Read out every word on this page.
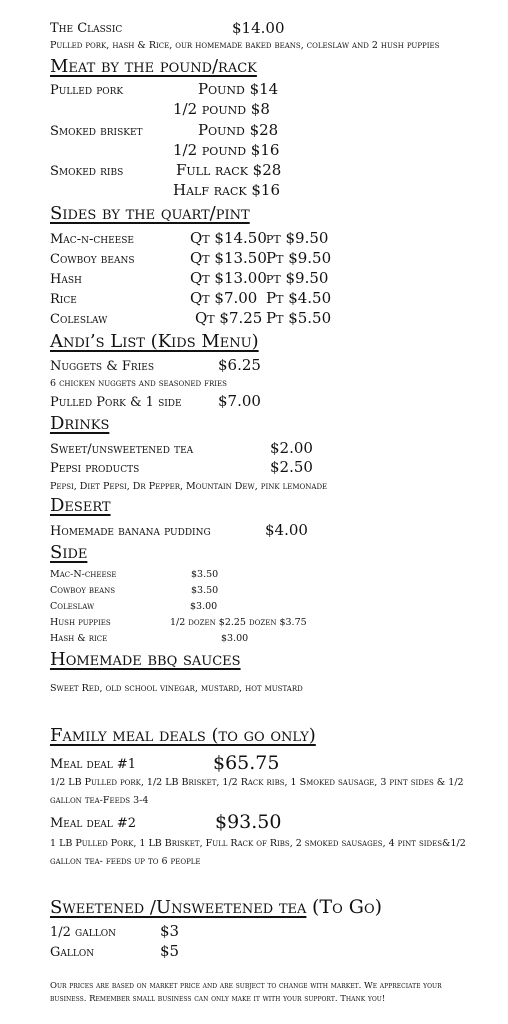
The Classic	$14.00
Pulled pork, hash & Rice, our homemade baked beans, coleslaw and 2 hush puppies
Meat by the pound/rack
Pulled pork	Pound $14
1/2 pound $8
Smoked brisket	Pound $28
1/2 pound $16
Smoked ribs	Full rack $28
Half rack $16
Sides by the quart/pint
Mac-n-cheese	Qt $14.50 pt $9.50
Cowboy beans	Qt $13.50 Pt $9.50
Hash	Qt $13.00 pt $9.50
Rice	Qt $7.00 Pt $4.50
Coleslaw	Qt $7.25 Pt $5.50
Andi’s List (Kids Menu)
Nuggets & Fries	$6.25
6 chicken nuggets and seasoned fries
Pulled Pork & 1 side $7.00
Drinks
Sweet/unsweetened tea	$2.00
Pepsi products	$2.50
Pepsi, Diet Pepsi, Dr Pepper, Mountain Dew, pink lemonade
Desert
Homemade banana pudding	$4.00
Side
Mac-N-cheese	$3.50
Cowboy beans	$3.50
Coleslaw	$3.00
Hush puppies	1/2 dozen $2.25 dozen $3.75
Hash & rice	$3.00
Homemade bbq sauces
Sweet Red, old school vinegar, mustard, hot mustard
Family meal deals (to go only)
Meal deal #1	$65.75
1/2 LB Pulled pork, 1/2 LB Brisket, 1/2 Rack ribs, 1 Smoked sausage, 3 pint sides & 1/2
gallon tea-Feeds 3-4
Meal deal #2	$93.50
1 LB Pulled Pork, 1 LB Brisket, Full Rack of Ribs, 2 smoked sausages, 4 pint sides&1/2
gallon tea- feeds up to 6 people
Sweetened /Unsweetened tea (To Go)
1/2 gallon	$3
Gallon	$5
Our prices are based on market price and are subject to change with market. We appreciate your
business. Remember small business can only make it with your support. Thank you!
